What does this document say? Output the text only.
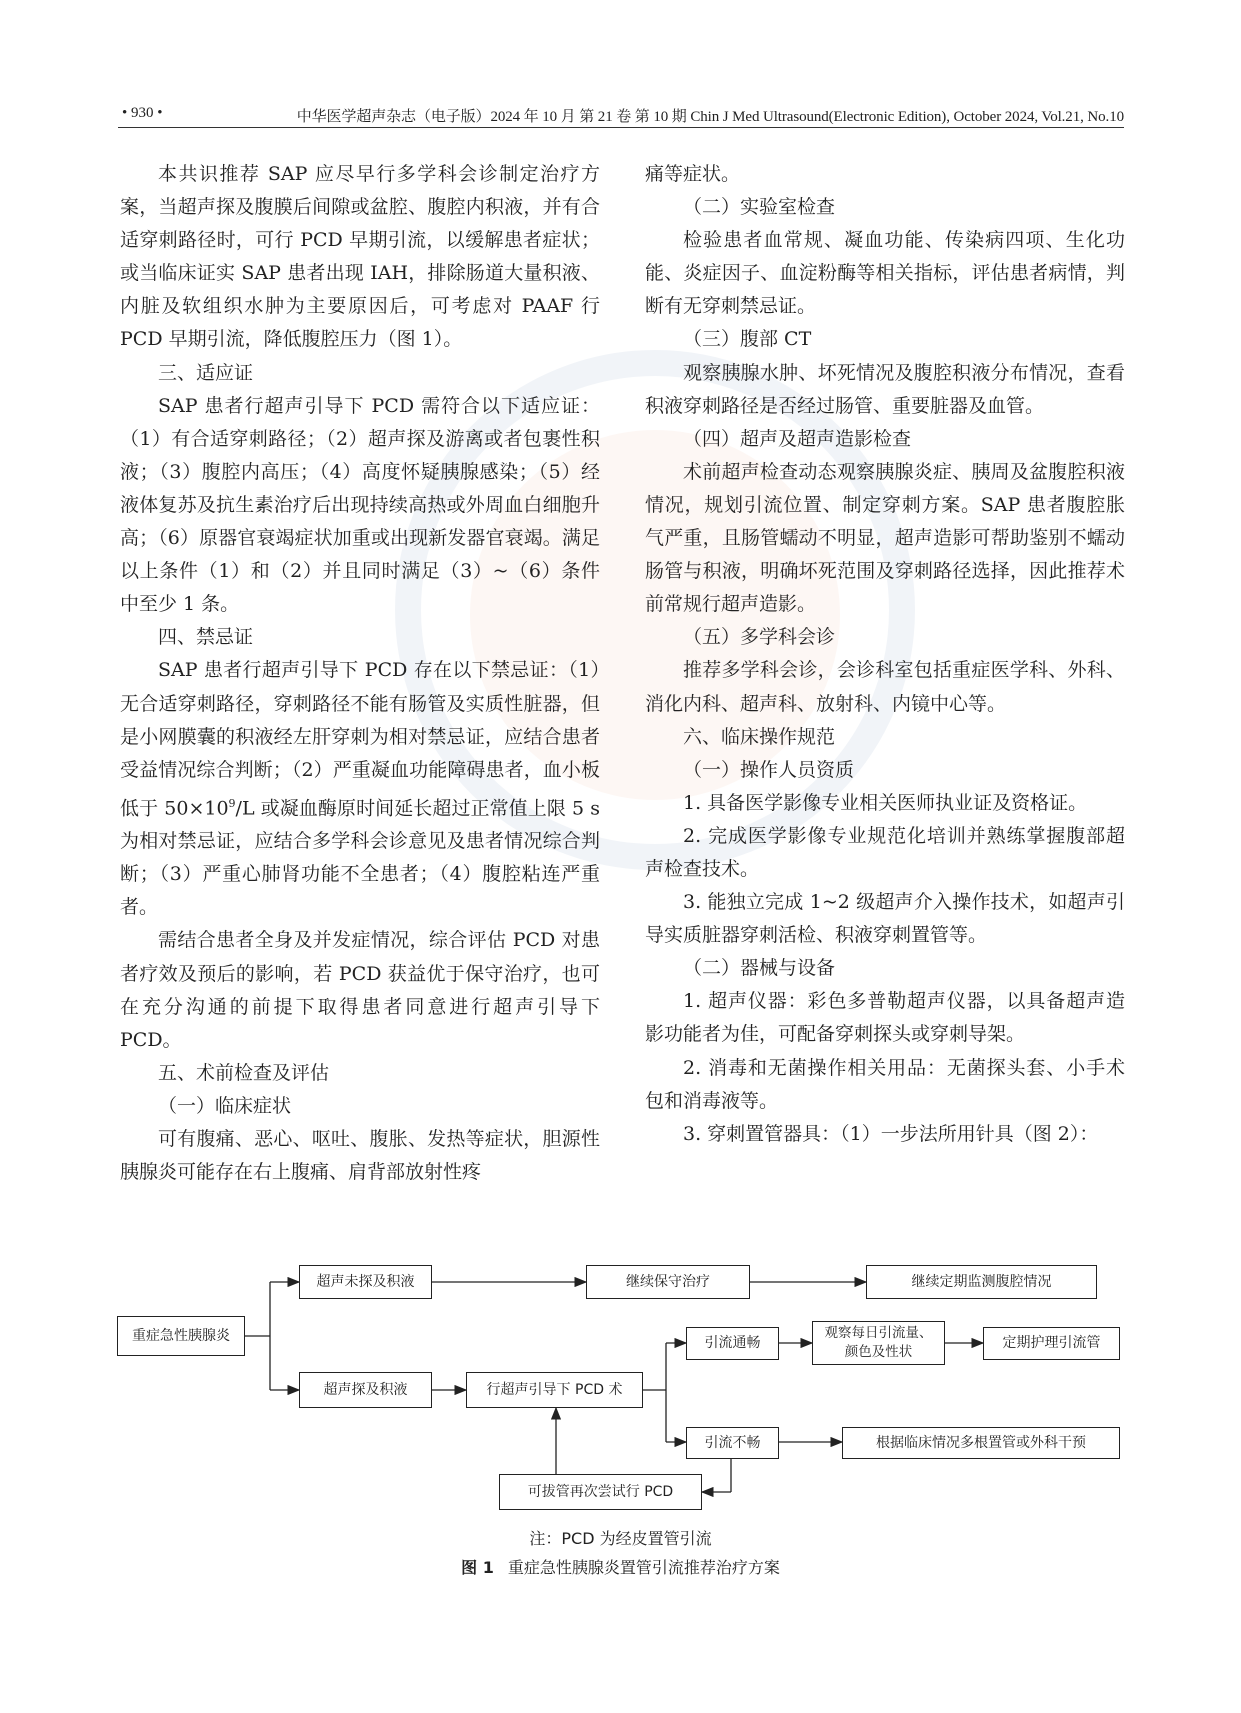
• 930 •	中华医学超声杂志（电子版）2024 年 10 月 第 21 卷 第 10 期 Chin J Med Ultrasound(Electronic Edition), October 2024, Vol.21, No.10

本共识推荐 SAP 应尽早行多学科会诊制定治疗方案，当超声探及腹膜后间隙或盆腔、腹腔内积液，并有合适穿刺路径时，可行 PCD 早期引流，以缓解患者症状；或当临床证实 SAP 患者出现 IAH，排除肠道大量积液、内脏及软组织水肿为主要原因后，可考虑对 PAAF 行 PCD 早期引流，降低腹腔压力（图 1）。

三、适应证

SAP 患者行超声引导下 PCD 需符合以下适应证：（1）有合适穿刺路径；（2）超声探及游离或者包裹性积液；（3）腹腔内高压；（4）高度怀疑胰腺感染；（5）经液体复苏及抗生素治疗后出现持续高热或外周血白细胞升高；（6）原器官衰竭症状加重或出现新发器官衰竭。满足以上条件（1）和（2）并且同时满足（3）~（6）条件中至少 1 条。

四、禁忌证

SAP 患者行超声引导下 PCD 存在以下禁忌证：（1）无合适穿刺路径，穿刺路径不能有肠管及实质性脏器，但是小网膜囊的积液经左肝穿刺为相对禁忌证，应结合患者受益情况综合判断；（2）严重凝血功能障碍患者，血小板低于 $50\times 10^9/L$ 或凝血酶原时间延长超过正常值上限 5 s 为相对禁忌证，应结合多学科会诊意见及患者情况综合判断；（3）严重心肺肾功能不全患者；（4）腹腔粘连严重者。

需结合患者全身及并发症情况，综合评估 PCD 对患者疗效及预后的影响，若 PCD 获益优于保守治疗，也可在充分沟通的前提下取得患者同意进行超声引导下 PCD。

五、术前检查及评估

（一）临床症状

可有腹痛、恶心、呕吐、腹胀、发热等症状，胆源性胰腺炎可能存在右上腹痛、肩背部放射性疼

痛等症状。

（二）实验室检查

检验患者血常规、凝血功能、传染病四项、生化功能、炎症因子、血淀粉酶等相关指标，评估患者病情，判断有无穿刺禁忌证。

（三）腹部 CT

观察胰腺水肿、坏死情况及腹腔积液分布情况，查看积液穿刺路径是否经过肠管、重要脏器及血管。

（四）超声及超声造影检查

术前超声检查动态观察胰腺炎症、胰周及盆腹腔积液情况，规划引流位置、制定穿刺方案。SAP 患者腹腔胀气严重，且肠管蠕动不明显，超声造影可帮助鉴别不蠕动肠管与积液，明确坏死范围及穿刺路径选择，因此推荐术前常规行超声造影。

（五）多学科会诊

推荐多学科会诊，会诊科室包括重症医学科、外科、消化内科、超声科、放射科、内镜中心等。

六、临床操作规范

（一）操作人员资质

1. 具备医学影像专业相关医师执业证及资格证。

2. 完成医学影像专业规范化培训并熟练掌握腹部超声检查技术。

3. 能独立完成 1~2 级超声介入操作技术，如超声引导实质脏器穿刺活检、积液穿刺置管等。

（二）器械与设备

1. 超声仪器：彩色多普勒超声仪器，以具备超声造影功能者为佳，可配备穿刺探头或穿刺导架。

2. 消毒和无菌操作相关用品：无菌探头套、小手术包和消毒液等。

3. 穿刺置管器具：（1）一步法所用针具（图 2）：

重症急性胰腺炎
超声未探及积液	继续保守治疗	继续定期监测腹腔情况
超声探及积液	行超声引导下 PCD 术
引流通畅
观察每日引流量、颜色及性状
定期护理引流管
引流不畅	根据临床情况多根置管或外科干预
可拔管再次尝试行 PCD
注：PCD 为经皮置管引流
图 1 重症急性胰腺炎置管引流推荐治疗方案
